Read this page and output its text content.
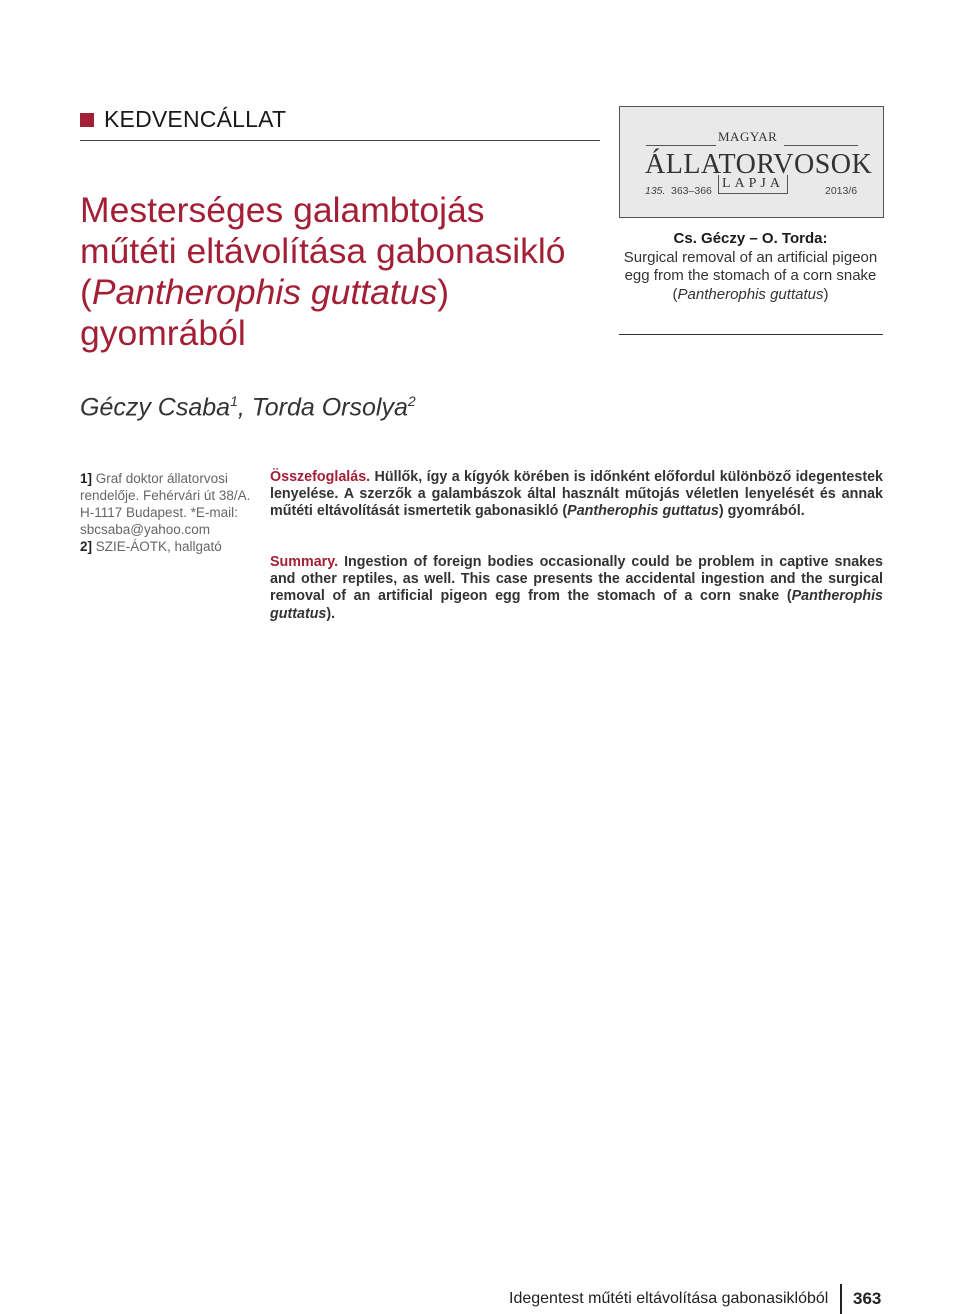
KEDVENCÁLLAT
Mesterséges galambtojás
műtéti eltávolítása gabonasikló
(Pantherophis guttatus)
gyomrából
MAGYAR
ÁLLATORVOSOK
135. 363–366 LAPJA	2013/6
Cs. Géczy – O. Torda:
Surgical removal of an artificial pigeon egg from the stomach of a corn snake (Pantherophis guttatus)
Géczy Csaba$^1$, Torda Orsolya$^2$
1] Graf doktor állatorvosi rendelője. Fehérvári út 38/A. H-1117 Budapest. *E-mail: sbcsaba@yahoo.com
2] SZIE-ÁOTK, hallgató
Összefoglalás. Hüllők, így a kígyók körében is időnként előfordul különböző idegentestek lenyelése. A szerzők a galambászok által használt műtojás véletlen lenyelését és annak műtéti eltávolítását ismertetik gabonasikló (Pantherophis guttatus) gyomrából.
Summary. Ingestion of foreign bodies occasionally could be problem in captive snakes and other reptiles, as well. This case presents the accidental ingestion and the surgical removal of an artificial pigeon egg from the stomach of a corn snake (Pantherophis guttatus).
Idegentest műtéti eltávolítása gabonasiklóból 363
